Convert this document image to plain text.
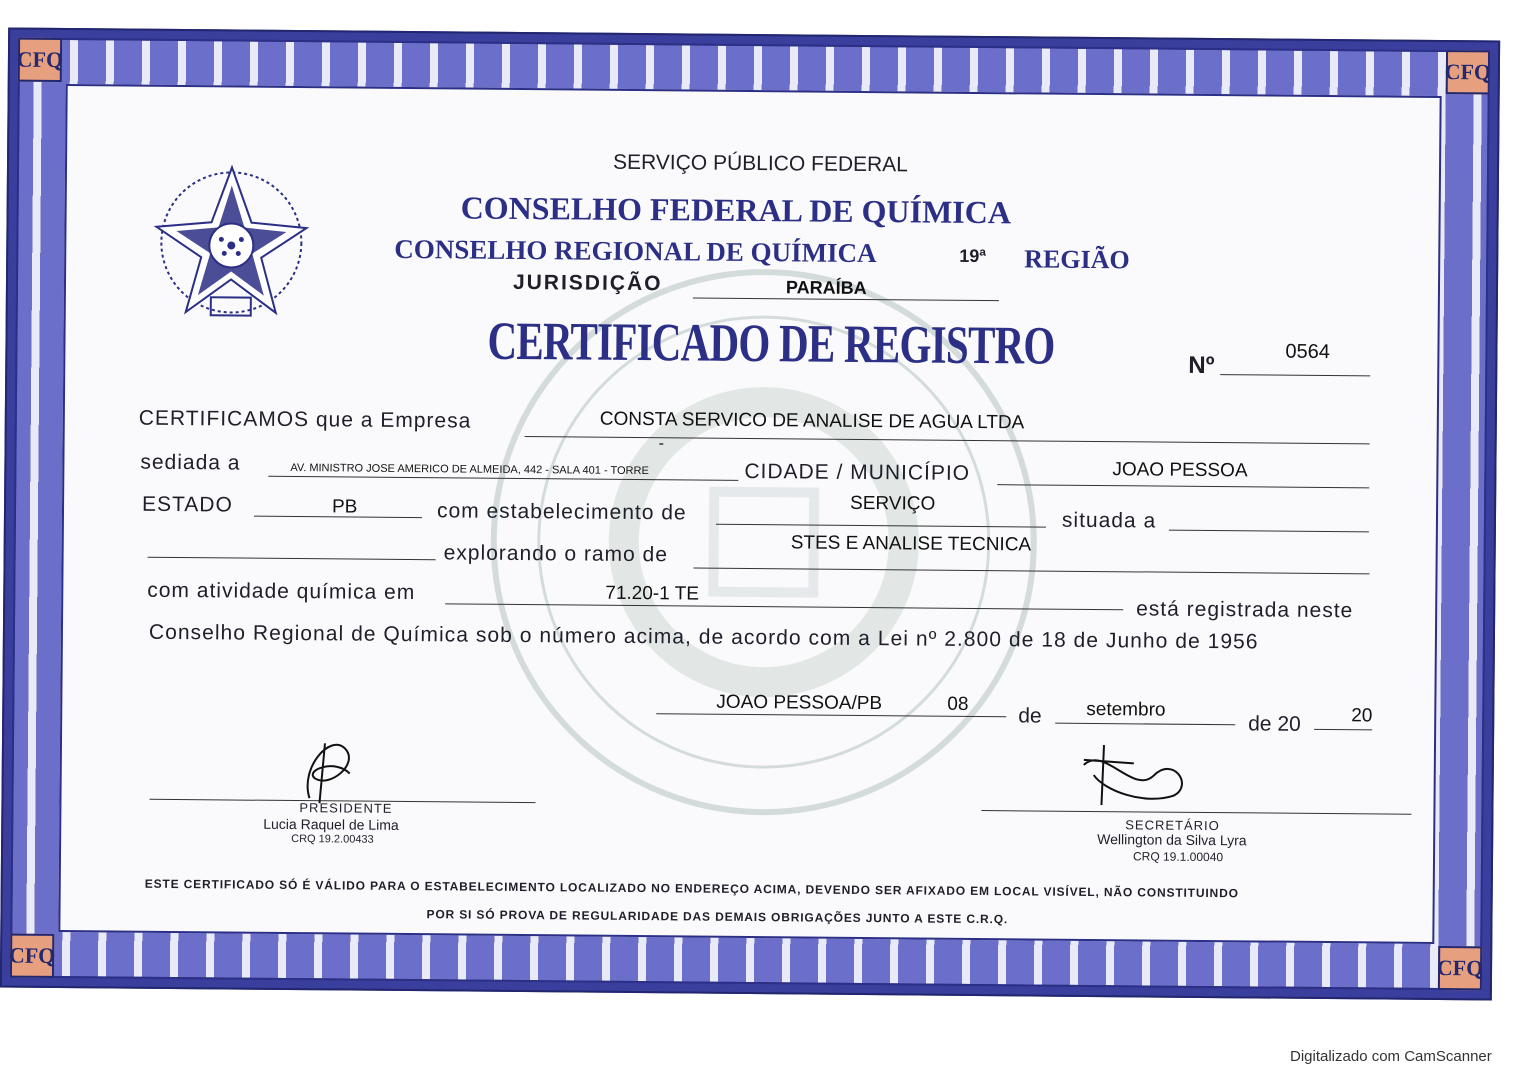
CFQ	CFQ
CFQ	CFQ
SERVIÇO PÚBLICO FEDERAL
CONSELHO FEDERAL DE QUÍMICA
CONSELHO REGIONAL DE QUÍMICA	19ª REGIÃO
JURISDIÇÃO	PARAÍBA
CERTIFICADO DE REGISTRO	Nº	0564
CERTIFICAMOS que a Empresa	CONSTA SERVICO DE ANALISE DE AGUA LTDA
-
sediada a	AV. MINISTRO JOSE AMERICO DE ALMEIDA, 442 - SALA 401 - TORRE	CIDADE / MUNICÍPIO	JOAO PESSOA
ESTADO	PB	com estabelecimento de	SERVIÇO
situada a
explorando o ramo de	STES E ANALISE TECNICA
com atividade química em	71.20-1 TE
está registrada neste
Conselho Regional de Química sob o número acima, de acordo com a Lei nº 2.800 de 18 de Junho de 1956
JOAO PESSOA/PB	08
de setembro
de 20	20
PRESIDENTE
Lucia Raquel de Lima
CRQ 19.2.00433
SECRETÁRIO
Wellington da Silva Lyra
CRQ 19.1.00040
ESTE CERTIFICADO SÓ É VÁLIDO PARA O ESTABELECIMENTO LOCALIZADO NO ENDEREÇO ACIMA, DEVENDO SER AFIXADO EM LOCAL VISÍVEL, NÃO CONSTITUINDO
POR SI SÓ PROVA DE REGULARIDADE DAS DEMAIS OBRIGAÇÕES JUNTO A ESTE C.R.Q.
Digitalizado com CamScanner
